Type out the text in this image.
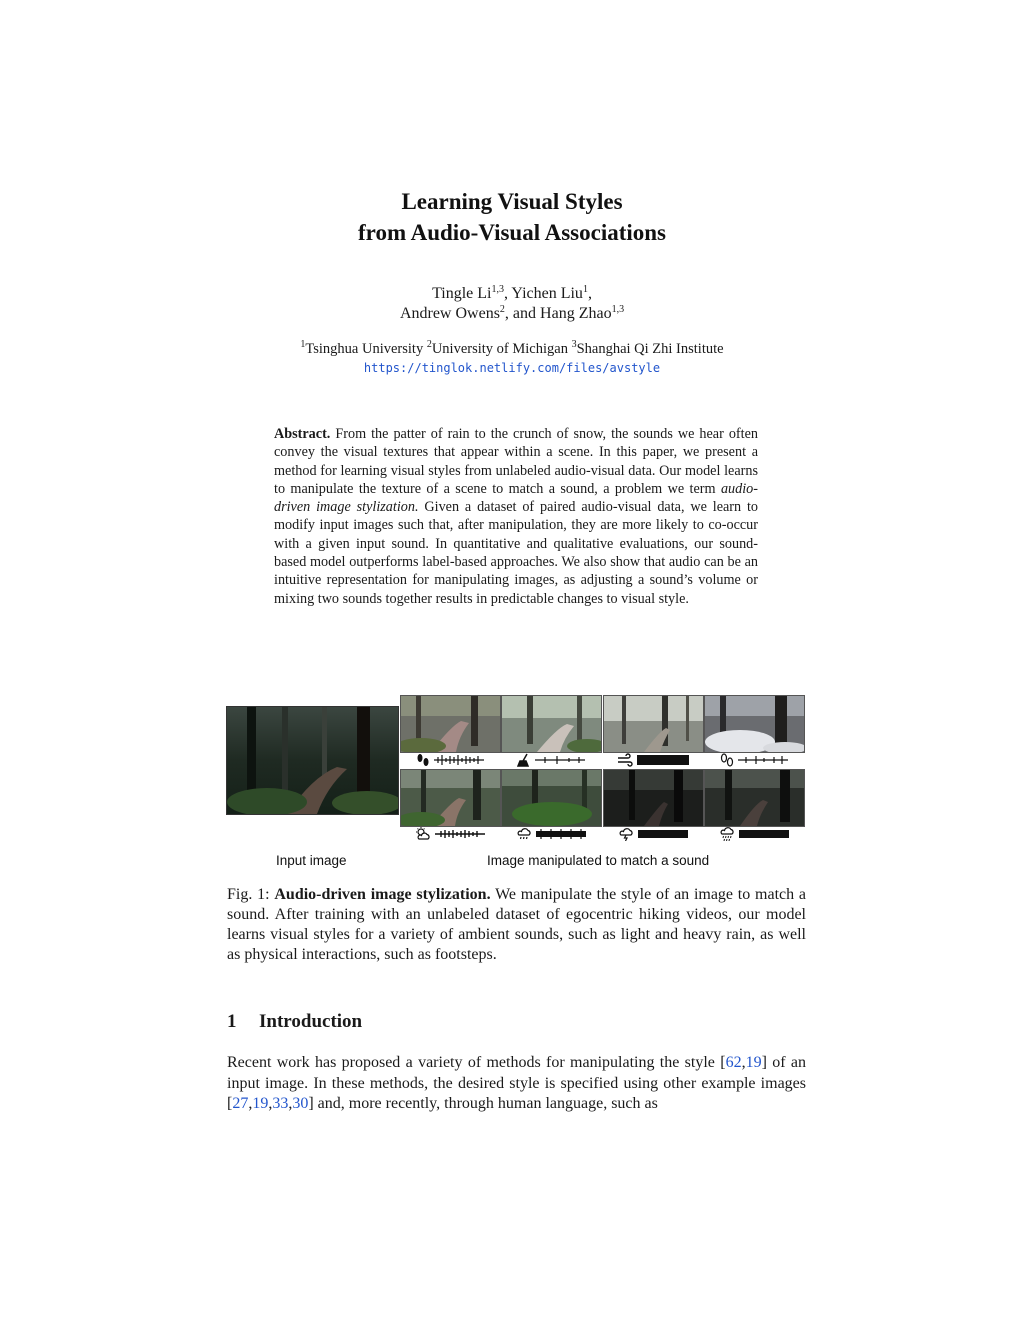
Learning Visual Styles
from Audio-Visual Associations
Tingle Li$^{1,3}$, Yichen Liu$^1$,
Andrew Owens$^2$, and Hang Zhao$^{1,3}$
$^1$Tsinghua University $^2$University of Michigan $^3$Shanghai Qi Zhi Institute
https://tinglok.netlify.com/files/avstyle
Abstract. From the patter of rain to the crunch of snow, the sounds we hear often convey the visual textures that appear within a scene. In this paper, we present a method for learning visual styles from unlabeled audio-visual data. Our model learns to manipulate the texture of a scene to match a sound, a problem we term audio-driven image stylization. Given a dataset of paired audio-visual data, we learn to modify input images such that, after manipulation, they are more likely to co-occur with a given input sound. In quantitative and qualitative evaluations, our sound-based model outperforms label-based approaches. We also show that audio can be an intuitive representation for manipulating images, as adjusting a sound’s volume or mixing two sounds together results in predictable changes to visual style.
Input image	Image manipulated to match a sound
Fig. 1: Audio-driven image stylization. We manipulate the style of an image to match a sound. After training with an unlabeled dataset of egocentric hiking videos, our model learns visual styles for a variety of ambient sounds, such as light and heavy rain, as well as physical interactions, such as footsteps.
1 Introduction
Recent work has proposed a variety of methods for manipulating the style [62,19] of an input image. In these methods, the desired style is specified using other example images [27,19,33,30] and, more recently, through human language, such as
